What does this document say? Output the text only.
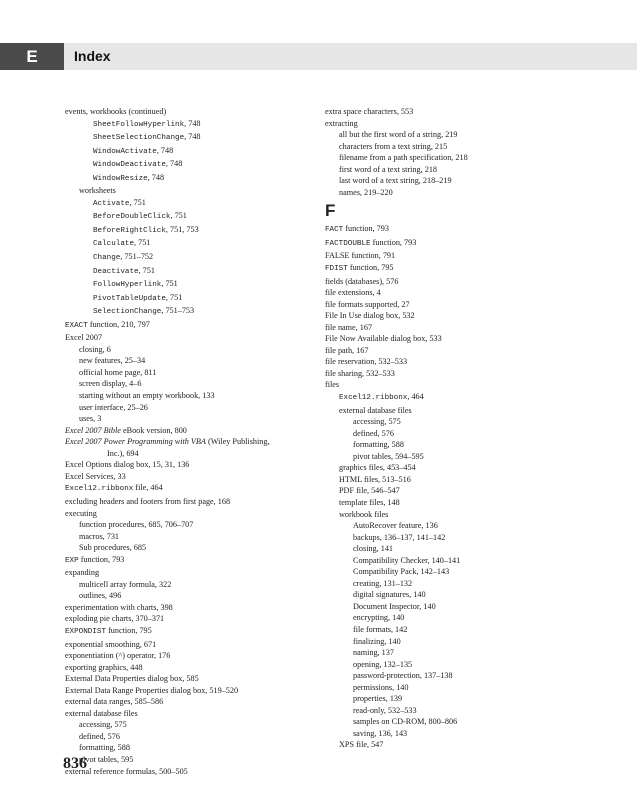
E	Index
events, workbooks (continued)
SheetFollowHyperlink, 748
SheetSelectionChange, 748
WindowActivate, 748
WindowDeactivate, 748
WindowResize, 748
worksheets
Activate, 751
BeforeDoubleClick, 751
BeforeRightClick, 751, 753
Calculate, 751
Change, 751–752
Deactivate, 751
FollowHyperlink, 751
PivotTableUpdate, 751
SelectionChange, 751–753
EXACT function, 210, 797
Excel 2007
closing, 6
new features, 25–34
official home page, 811
screen display, 4–6
starting without an empty workbook, 133
user interface, 25–26
uses, 3
Excel 2007 Bible eBook version, 800
Excel 2007 Power Programming with VBA (Wiley Publishing,
Inc.), 694
Excel Options dialog box, 15, 31, 136
Excel Services, 33
Excel12.ribbonx file, 464
excluding headers and footers from first page, 168
executing
function procedures, 685, 706–707
macros, 731
Sub procedures, 685
EXP function, 793
expanding
multicell array formula, 322
outlines, 496
experimentation with charts, 398
exploding pie charts, 370–371
EXPONDIST function, 795
exponential smoothing, 671
exponentiation (^) operator, 176
exporting graphics, 448
External Data Properties dialog box, 585
External Data Range Properties dialog box, 519–520
external data ranges, 585–586
external database files
accessing, 575
defined, 576
formatting, 588
pivot tables, 595
external reference formulas, 500–505
extra space characters, 553
extracting
all but the first word of a string, 219
characters from a text string, 215
filename from a path specification, 218
first word of a text string, 218
last word of a text string, 218–219
names, 219–220
F
FACT function, 793
FACTDOUBLE function, 793
FALSE function, 791
FDIST function, 795
fields (databases), 576
file extensions, 4
file formats supported, 27
File In Use dialog box, 532
file name, 167
File Now Available dialog box, 533
file path, 167
file reservation, 532–533
file sharing, 532–533
files
Excel12.ribbonx, 464
external database files
accessing, 575
defined, 576
formatting, 588
pivot tables, 594–595
graphics files, 453–454
HTML files, 513–516
PDF file, 546–547
template files, 148
workbook files
AutoRecover feature, 136
backups, 136–137, 141–142
closing, 141
Compatibility Checker, 140–141
Compatibility Pack, 142–143
creating, 131–132
digital signatures, 140
Document Inspector, 140
encrypting, 140
file formats, 142
finalizing, 140
naming, 137
opening, 132–135
password-protection, 137–138
permissions, 140
properties, 139
read-only, 532–533
samples on CD-ROM, 800–806
saving, 136, 143
XPS file, 547
836
